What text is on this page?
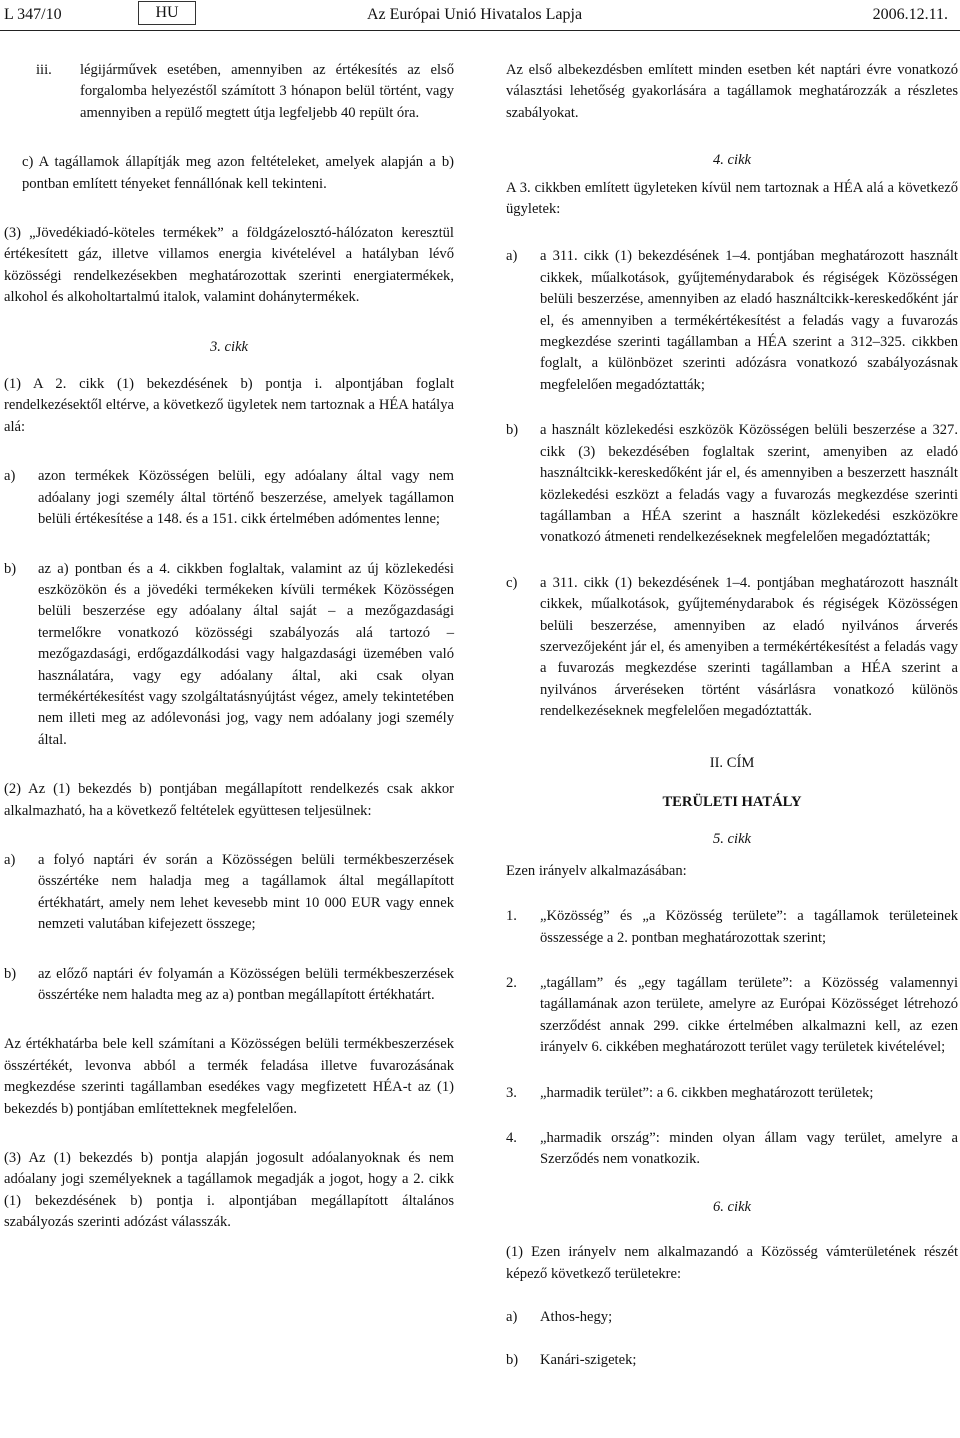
L 347/10	HU	Az Európai Unió Hivatalos Lapja	2006.12.11.
iii. légijárművek esetében, amennyiben az értékesítés az első forgalomba helyezéstől számított 3 hónapon belül történt, vagy amennyiben a repülő megtett útja legfeljebb 40 repült óra.

c) A tagállamok állapítják meg azon feltételeket, amelyek alapján a b) pontban említett tényeket fennállónak kell tekinteni.

(3) „Jövedékiadó-köteles termékek” a földgázelosztó-hálózaton keresztül értékesített gáz, illetve villamos energia kivételével a hatályban lévő közösségi rendelkezésekben meghatározottak szerinti energiatermékek, alkohol és alkoholtartalmú italok, valamint dohánytermékek.

3. cikk

(1) A 2. cikk (1) bekezdésének b) pontja i. alpontjában foglalt rendelkezésektől eltérve, a következő ügyletek nem tartoznak a HÉA hatálya alá:

a) azon termékek Közösségen belüli, egy adóalany által vagy nem adóalany jogi személy által történő beszerzése, amelyek tagállamon belüli értékesítése a 148. és a 151. cikk értelmében adómentes lenne;
b) az a) pontban és a 4. cikkben foglaltak, valamint az új közlekedési eszközökön és a jövedéki termékeken kívüli termékek Közösségen belüli beszerzése egy adóalany által saját – a mezőgazdasági termelőkre vonatkozó közösségi szabályozás alá tartozó – mezőgazdasági, erdőgazdálkodási vagy halgazdasági üzemében való használatára, vagy egy adóalany által, aki csak olyan termékértékesítést vagy szolgáltatásnyújtást végez, amely tekintetében nem illeti meg az adólevonási jog, vagy nem adóalany jogi személy által.

(2) Az (1) bekezdés b) pontjában megállapított rendelkezés csak akkor alkalmazható, ha a következő feltételek együttesen teljesülnek:

a) a folyó naptári év során a Közösségen belüli termékbeszerzések összértéke nem haladja meg a tagállamok által megállapított értékhatárt, amely nem lehet kevesebb mint 10 000 EUR vagy ennek nemzeti valutában kifejezett összege;
b) az előző naptári év folyamán a Közösségen belüli termékbeszerzések összértéke nem haladta meg az a) pontban megállapított értékhatárt.

Az értékhatárba bele kell számítani a Közösségen belüli termékbeszerzések összértékét, levonva abból a termék feladása illetve fuvarozásának megkezdése szerinti tagállamban esedékes vagy megfizetett HÉA-t az (1) bekezdés b) pontjában említetteknek megfelelően.

(3) Az (1) bekezdés b) pontja alapján jogosult adóalanyoknak és nem adóalany jogi személyeknek a tagállamok megadják a jogot, hogy a 2. cikk (1) bekezdésének b) pontja i. alpontjában megállapított általános szabályozás szerinti adózást válasszák.

Az első albekezdésben említett minden esetben két naptári évre vonatkozó választási lehetőség gyakorlására a tagállamok meghatározzák a részletes szabályokat.

4. cikk

A 3. cikkben említett ügyleteken kívül nem tartoznak a HÉA alá a következő ügyletek:

a) a 311. cikk (1) bekezdésének 1–4. pontjában meghatározott használt cikkek, műalkotások, gyűjteménydarabok és régiségek Közösségen belüli beszerzése, amennyiben az eladó használtcikk-kereskedőként jár el, és amennyiben a termékértékesítést a feladás vagy a fuvarozás megkezdése szerinti tagállamban a HÉA szerint a 312–325. cikkben foglalt, a különbözet szerinti adózásra vonatkozó szabályozásnak megfelelően megadóztatták;
b) a használt közlekedési eszközök Közösségen belüli beszerzése a 327. cikk (3) bekezdésében foglaltak szerint, amenyiben az eladó használtcikk-kereskedőként jár el, és amennyiben a beszerzett használt közlekedési eszközt a feladás vagy a fuvarozás megkezdése szerinti tagállamban a HÉA szerint a használt közlekedési eszközökre vonatkozó átmeneti rendelkezéseknek megfelelően megadóztatták;
c) a 311. cikk (1) bekezdésének 1–4. pontjában meghatározott használt cikkek, műalkotások, gyűjteménydarabok és régiségek Közösségen belüli beszerzése, amennyiben az eladó nyilvános árverés szervezőjeként jár el, és amenyiben a termékértékesítést a feladás vagy a fuvarozás megkezdése szerinti tagállamban a HÉA szerint a nyilvános árveréseken történt vásárlásra vonatkozó különös rendelkezéseknek megfelelően megadóztatták.

II. CÍM

TERÜLETI HATÁLY

5. cikk

Ezen irányelv alkalmazásában:

1. „Közösség” és „a Közösség területe”: a tagállamok területeinek összessége a 2. pontban meghatározottak szerint;
2. „tagállam” és „egy tagállam területe”: a Közösség valamennyi tagállamának azon területe, amelyre az Európai Közösséget létrehozó szerződést annak 299. cikke értelmében alkalmazni kell, az ezen irányelv 6. cikkében meghatározott terület vagy területek kivételével;
3. „harmadik terület”: a 6. cikkben meghatározott területek;
4. „harmadik ország”: minden olyan állam vagy terület, amelyre a Szerződés nem vonatkozik.

6. cikk

(1) Ezen irányelv nem alkalmazandó a Közösség vámterületének részét képező következő területekre:

a) Athos-hegy;
b) Kanári-szigetek;
